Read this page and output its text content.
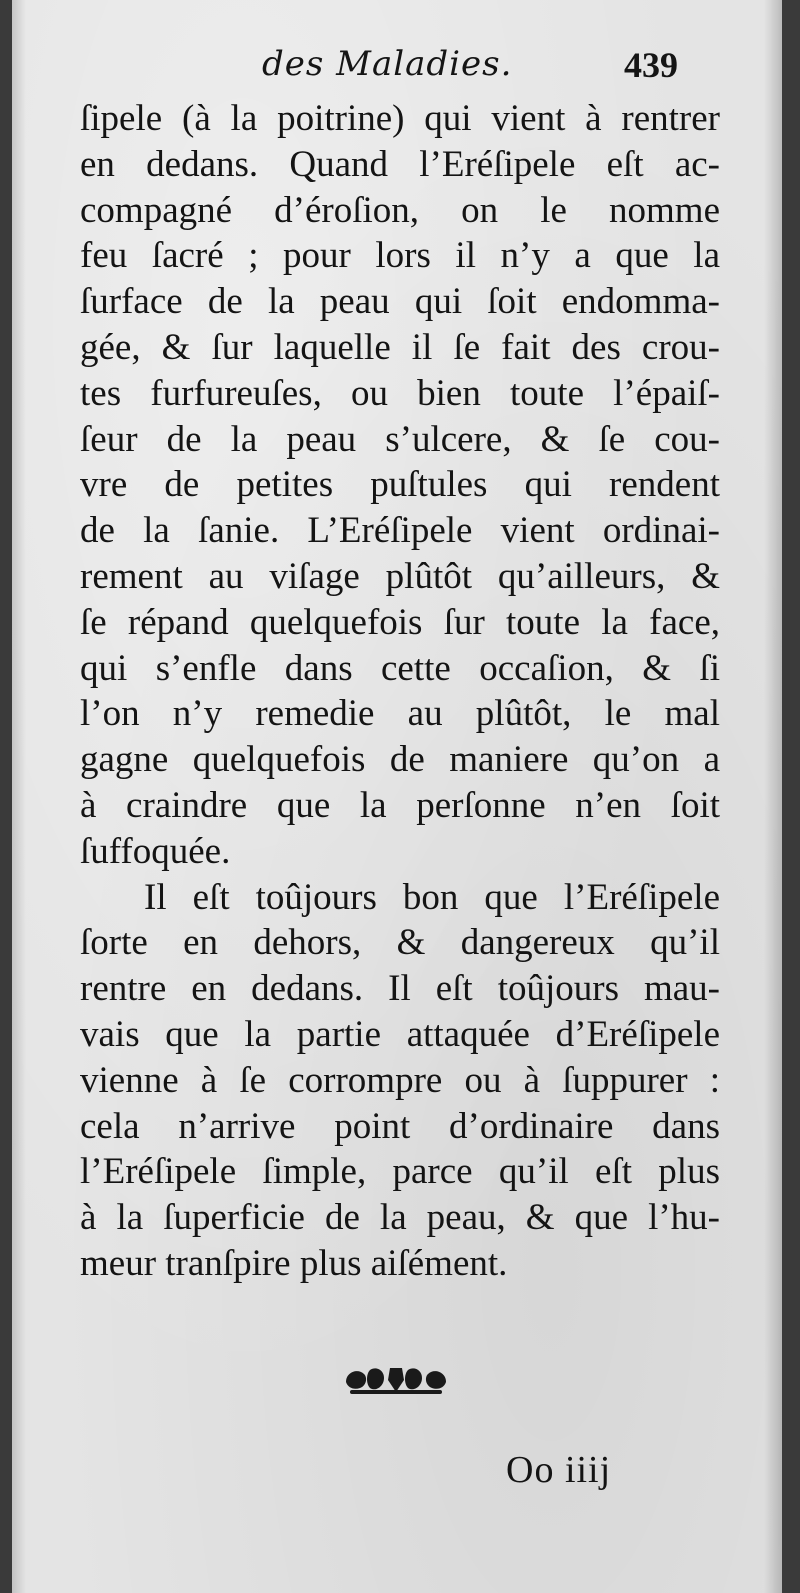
des Maladies.	439
ſipele (à la poitrine) qui vient à rentrer
en dedans. Quand l’Eréſipele eſt ac-
compagné d’éroſion, on le nomme
feu ſacré ; pour lors il n’y a que la
ſurface de la peau qui ſoit endomma-
gée, & ſur laquelle il ſe fait des crou-
tes furfureuſes, ou bien toute l’épaiſ-
ſeur de la peau s’ulcere, & ſe cou-
vre de petites puſtules qui rendent
de la ſanie. L’Eréſipele vient ordinai-
rement au viſage plûtôt qu’ailleurs, &
ſe répand quelquefois ſur toute la face,
qui s’enfle dans cette occaſion, & ſi
l’on n’y remedie au plûtôt, le mal
gagne quelquefois de maniere qu’on a
à craindre que la perſonne n’en ſoit
ſuffoquée.
Il eſt toûjours bon que l’Eréſipele
ſorte en dehors, & dangereux qu’il
rentre en dedans. Il eſt toûjours mau-
vais que la partie attaquée d’Eréſipele
vienne à ſe corrompre ou à ſuppurer :
cela n’arrive point d’ordinaire dans
l’Eréſipele ſimple, parce qu’il eſt plus
à la ſuperficie de la peau, & que l’hu-
meur tranſpire plus aiſément.
Oo iiij
